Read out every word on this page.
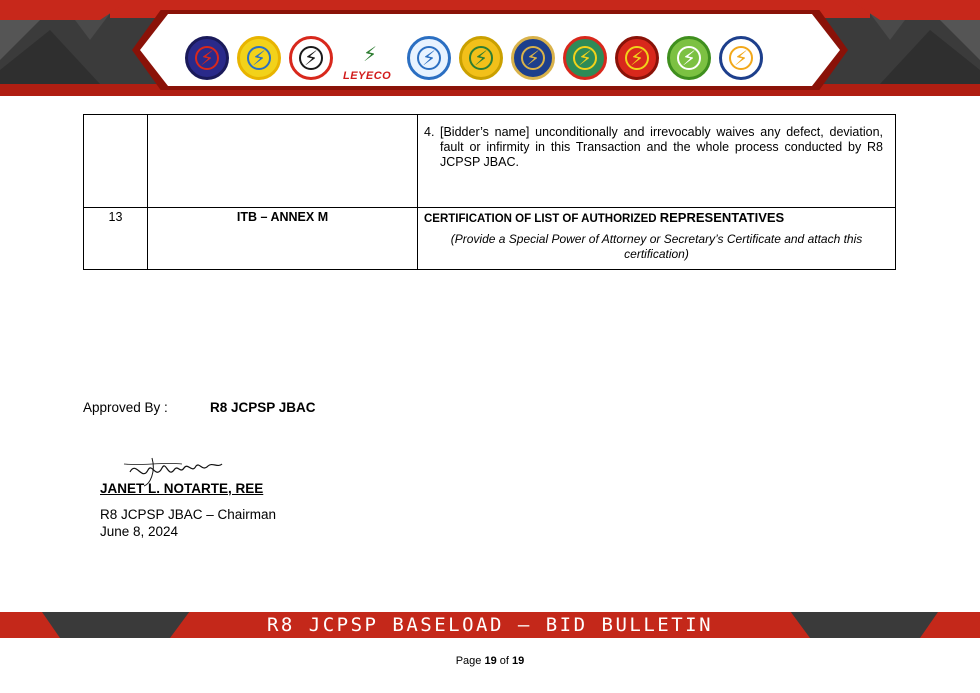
⚡ ⚡ ⚡ ⚡
LEYECO
⚡ ⚡ ⚡ ⚡ ⚡ ⚡ ⚡

		4. [Bidder’s name] unconditionally and irrevocably waives any defect, deviation, fault or infirmity in this Transaction and the whole process conducted by R8 JCPSP JBAC.

13	ITB – ANNEX M	CERTIFICATION OF LIST OF AUTHORIZED REPRESENTATIVES
(Provide a Special Power of Attorney or Secretary’s Certificate and attach this certification)
Approved By :	R8 JCPSP JBAC
JANET L. NOTARTE, REE
R8 JCPSP JBAC – Chairman
June 8, 2024
R8 JCPSP BASELOAD – BID BULLETIN
Page 19 of 19
